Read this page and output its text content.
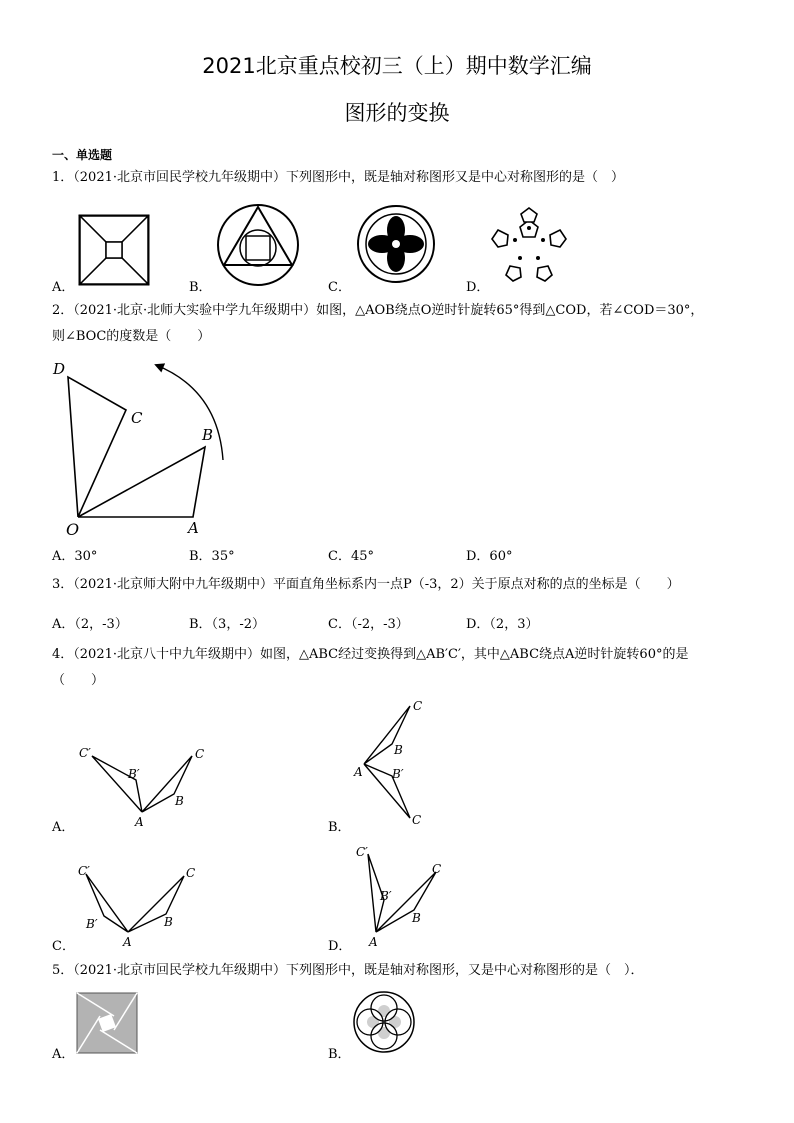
2021北京重点校初三（上）期中数学汇编
图形的变换
一、单选题
1．（2021·北京市回民学校九年级期中）下列图形中，既是轴对称图形又是中心对称图形的是（　）
A．	B．	C．	D．
2．（2021·北京·北师大实验中学九年级期中）如图，△AOB绕点O逆时针旋转65°得到△COD，若∠COD＝30°，
则∠BOC的度数是（　　）
D
C
B
O	A
A．30°	B．35°	C．45°	D．60°
3．（2021·北京师大附中九年级期中）平面直角坐标系内一点P（-3，2）关于原点对称的点的坐标是（　　）
A．（2，-3）	B．（3，-2）	C．（-2，-3）	D．（2，3）
4．（2021·北京八十中九年级期中）如图，△ABC经过变换得到△AB′C′，其中△ABC绕点A逆时针旋转60°的是
（　　）
C′
B′
C
B
A
A．
C
B
A B′
C
B．
C′	C
B′	B
A
C．
C′
B′
C
B
A
D．
5．（2021·北京市回民学校九年级期中）下列图形中，既是轴对称图形，又是中心对称图形的是（　）．
A．	B．
